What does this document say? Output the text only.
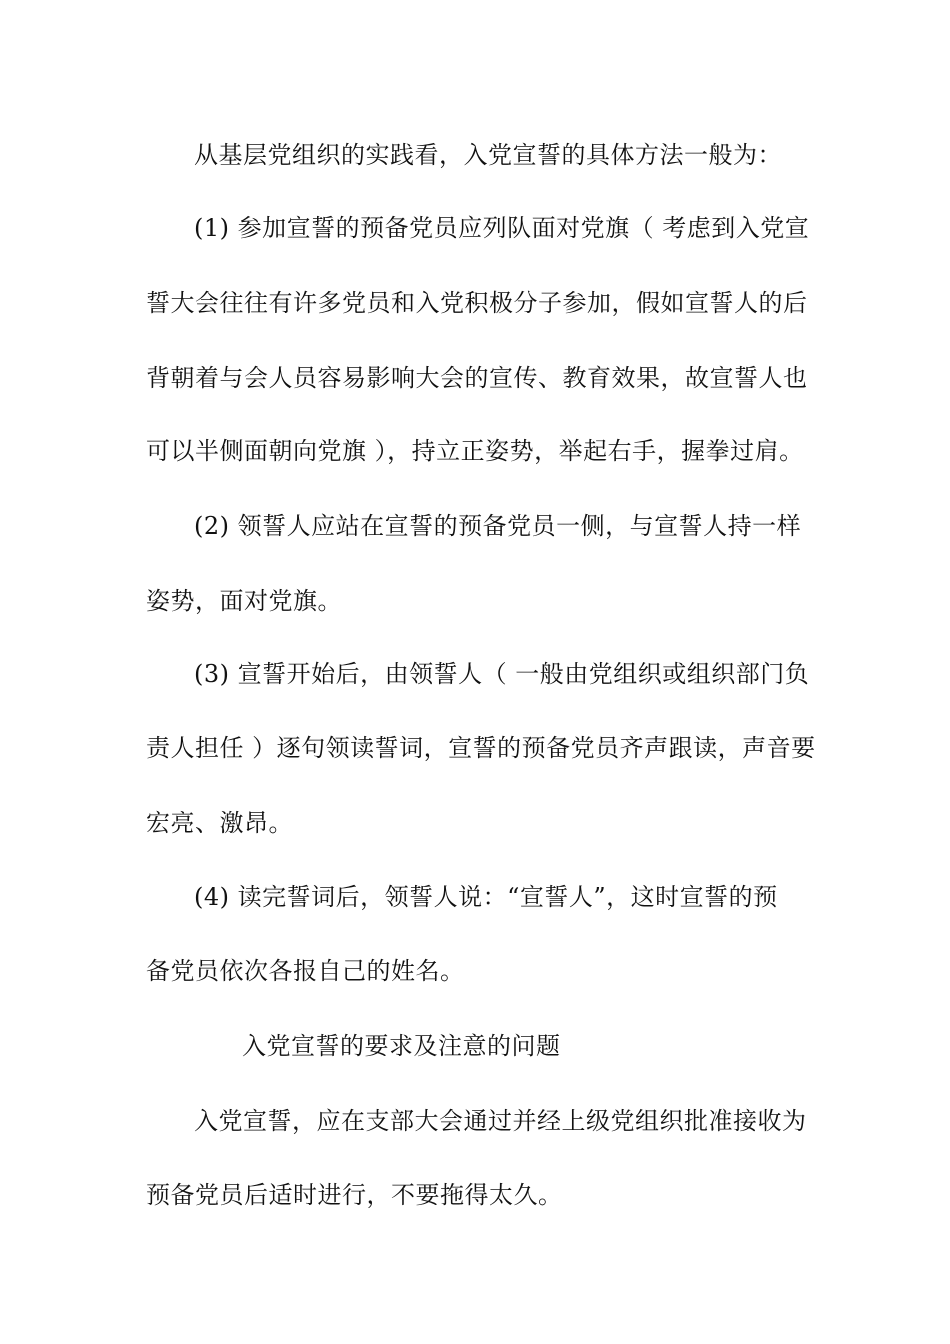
从基层党组织的实践看，入党宣誓的具体方法一般为：
(1) 参加宣誓的预备党员应列队面对党旗（ 考虑到入党宣
誓大会往往有许多党员和入党积极分子参加，假如宣誓人的后
背朝着与会人员容易影响大会的宣传、教育效果，故宣誓人也
可以半侧面朝向党旗 ），持立正姿势，举起右手，握拳过肩。
(2) 领誓人应站在宣誓的预备党员一侧，与宣誓人持一样
姿势，面对党旗。
(3) 宣誓开始后，由领誓人（ 一般由党组织或组织部门负
责人担任 ）逐句领读誓词，宣誓的预备党员齐声跟读，声音要
宏亮、激昂。
(4) 读完誓词后，领誓人说：“宣誓人”，这时宣誓的预
备党员依次各报自己的姓名。
入党宣誓的要求及注意的问题
入党宣誓，应在支部大会通过并经上级党组织批准接收为
预备党员后适时进行，不要拖得太久。
